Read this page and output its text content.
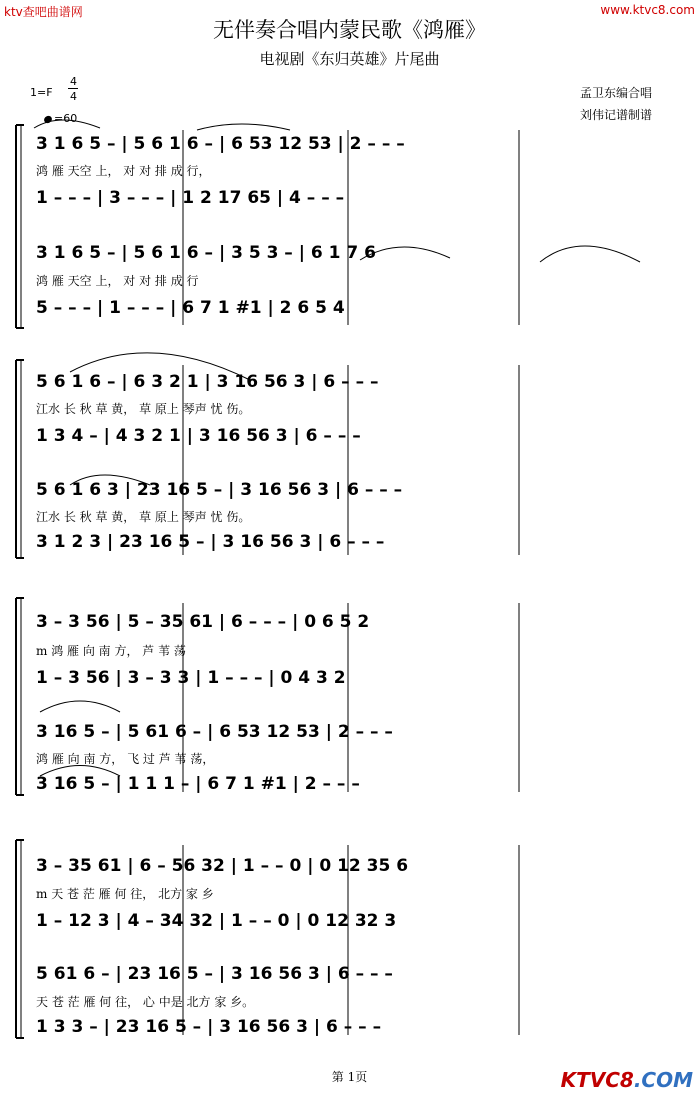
ktv查吧曲谱网	www.ktvc8.com
无伴奏合唱内蒙民歌《鸿雁》
电视剧《东归英雄》片尾曲
孟卫东编合唱
刘伟记谱制谱
1=F
4
4
=60
3 1 6 5 – | 5 6 1 6 – | 6 53 12 53 | 2 – – –
鸿 雁 天空 上， 对 对 排 成 行，
1 – – – | 3 – – – | 1 2 17 65 | 4 – – –
3 1 6 5 – | 5 6 1 6 – | 3 5 3 – | 6 1 7 6
鸿 雁 天空 上， 对 对 排 成 行
5 – – – | 1 – – – | 6 7 1 #1 | 2 6 5 4
5 6 1 6 – | 6 3 2 1 | 3 16 56 3 | 6 – – –
江水 长 秋 草 黄， 草 原上 琴声 忧 伤。
1 3 4 – | 4 3 2 1 | 3 16 56 3 | 6 – – –
5 6 1 6 3 | 23 16 5 – | 3 16 56 3 | 6 – – –
江水 长 秋 草 黄， 草 原上 琴声 忧 伤。
3 1 2 3 | 23 16 5 – | 3 16 56 3 | 6 – – –
3 – 3 56 | 5 – 35 61 | 6 – – – | 0 6 5 2
m 鸿 雁 向 南 方， 芦 苇 荡
1 – 3 56 | 3 – 3 3 | 1 – – – | 0 4 3 2
3 16 5 – | 5 61 6 – | 6 53 12 53 | 2 – – –
鸿 雁 向 南 方， 飞 过 芦 苇 荡，
3 16 5 – | 1 1 1 – | 6 7 1 #1 | 2 – – –
3 – 35 61 | 6 – 56 32 | 1 – – 0 | 0 12 35 6
m 天 苍 茫 雁 何 往， 北方 家 乡
1 – 12 3 | 4 – 34 32 | 1 – – 0 | 0 12 32 3
5 61 6 – | 23 16 5 – | 3 16 56 3 | 6 – – –
天 苍 茫 雁 何 往， 心 中是 北方 家 乡。
1 3 3 – | 23 16 5 – | 3 16 56 3 | 6 – – –
第 1页	KTVC8.COM
